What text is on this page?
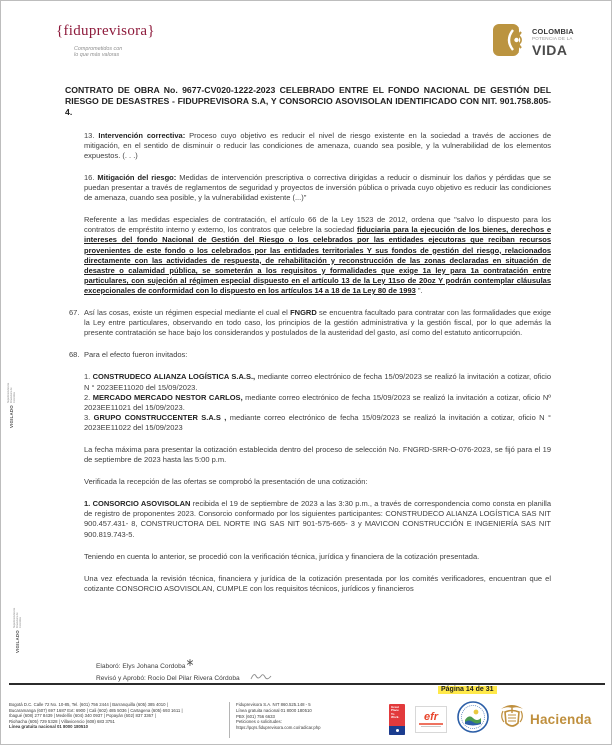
{fiduprevisora}
Comprometidos con
lo que más valoras
COLOMBIA
POTENCIA DE LA
VIDA
VIGILADO
Superintendencia Financiera de Colombia
VIGILADO
Superintendencia Financiera de Colombia

CONTRATO DE OBRA No. 9677-CV020-1222-2023 CELEBRADO ENTRE EL FONDO NACIONAL DE GESTIÓN DEL RIESGO DE DESASTRES - FIDUPREVISORA S.A, Y CONSORCIO ASOVISOLAN IDENTIFICADO CON NIT. 901.758.805-4.

13. Intervención correctiva: Proceso cuyo objetivo es reducir el nivel de riesgo existente en la sociedad a través de acciones de mitigación, en el sentido de disminuir o reducir las condiciones de amenaza, cuando sea posible, y la vulnerabilidad de los elementos expuestos. (. . .)

16. Mitigación del riesgo: Medidas de intervención prescriptiva o correctiva dirigidas a reducir o disminuir los daños y pérdidas que se puedan presentar a través de reglamentos de seguridad y proyectos de inversión pública o privada cuyo objetivo es reducir las condiciones de amenaza, cuando sea posible, y la vulnerabilidad existente (...)"

Referente a las medidas especiales de contratación, el artículo 66 de la Ley 1523 de 2012, ordena que "salvo lo dispuesto para los contratos de empréstito interno y externo, los contratos que celebre la sociedad fiduciaria para la ejecución de los bienes, derechos e intereses del fondo Nacional de Gestión del Riesgo o los celebrados por las entidades ejecutoras que reciban recursos provenientes de este fondo o los celebrados por las entidades territoriales Y sus fondos de gestión del riesgo, relacionados directamente con las actividades de respuesta, de rehabilitación y reconstrucción de las zonas declaradas en situación de desastre o calamidad pública, se someterán a los requisitos y formalidades que exige 1a ley para 1a contratación entre particulares, con sujeción al régimen especial dispuesto en el artículo 13 de la Ley 11so de 20oz Y podrán contemplar cláusulas excepcionales de conformidad con lo dispuesto en los artículos 14 a 18 de 1a Ley 80 de 1993 ".

67. Así las cosas, existe un régimen especial mediante el cual el FNGRD se encuentra facultado para contratar con las formalidades que exige la Ley entre particulares, observando en todo caso, los principios de la gestión administrativa y la gestión fiscal, por lo que además la presente contratación se hace bajo los considerandos y postulados de la austeridad del gasto, así como del estatuto anticorrupción.

68. Para el efecto fueron invitados:

1. CONSTRUDECO ALIANZA LOGÍSTICA S.A.S., mediante correo electrónico de fecha 15/09/2023 se realizó la invitación a cotizar, oficio N ° 2023EE11020 del 15/09/2023.

2. MERCADO MERCADO NESTOR CARLOS, mediante correo electrónico de fecha 15/09/2023 se realizó la invitación a cotizar, oficio Nº 2023EE11021 del 15/09/2023.

3. GRUPO CONSTRUCCENTER S.A.S , mediante correo electrónico de fecha 15/09/2023 se realizó la invitación a cotizar, oficio N ° 2023EE11022 del 15/09/2023

La fecha máxima para presentar la cotización establecida dentro del proceso de selección No. FNGRD-SRR-O-076-2023, se fijó para el 19 de septiembre de 2023 hasta las 5:00 p.m.

Verificada la recepción de las ofertas se comprobó la presentación de una cotización:

1. CONSORCIO ASOVISOLAN recibida el 19 de septiembre de 2023 a las 3:30 p.m., a través de correspondencia como consta en planilla de registro de proponentes 2023. Consorcio conformado por los siguientes participantes: CONSTRUDECO ALIANZA LOGÍSTICA SAS NIT 900.457.431- 8, CONSTRUCTORA DEL NORTE ING SAS NIT 901-575-665- 3 y MAVICON CONSTRUCCIÓN E INGENIERÍA SAS NIT 900.819.743-5.

Teniendo en cuenta lo anterior, se procedió con la verificación técnica, jurídica y financiera de la cotización presentada.

Una vez efectuada la revisión técnica, financiera y jurídica de la cotización presentada por los comités verificadores, encuentran que el cotizante CONSORCIO ASOVISOLAN, CUMPLE con los requisitos técnicos, jurídicos y financieros

Elaboró: Elys Johana Cordoba
Revisó y Aprobó: Rocío Del Pilar Rivera Córdoba
Página 14 de 31
Bogotá D.C. Calle 72 No. 10-85, Tel. (601) 756 2444 | Barranquilla (605) 385 4010 |
Bucaramanga (607) 697 1687 Ext: 6900 | Cali (602) 485 5036 | Cartagena (605) 693 1611 |
Ibagué (608) 277 8439 | Medellín (604) 340 0937 | Popayán (602) 837 3367 |
Riohacha (605) 729 5328 | Villavicencio (608) 683 3751
Línea gratuita nacional 01 8000 180510
Fiduprevisora S.A. NIT 860.525.148 - 5
Línea gratuita nacional 01 8000 180510
PBX (601) 756 6633
Peticiones o solicitudes:
https://pqrs.fiduprevisora.com.co/radicar.php
Great
Place
To
Work.	efr	Hacienda
